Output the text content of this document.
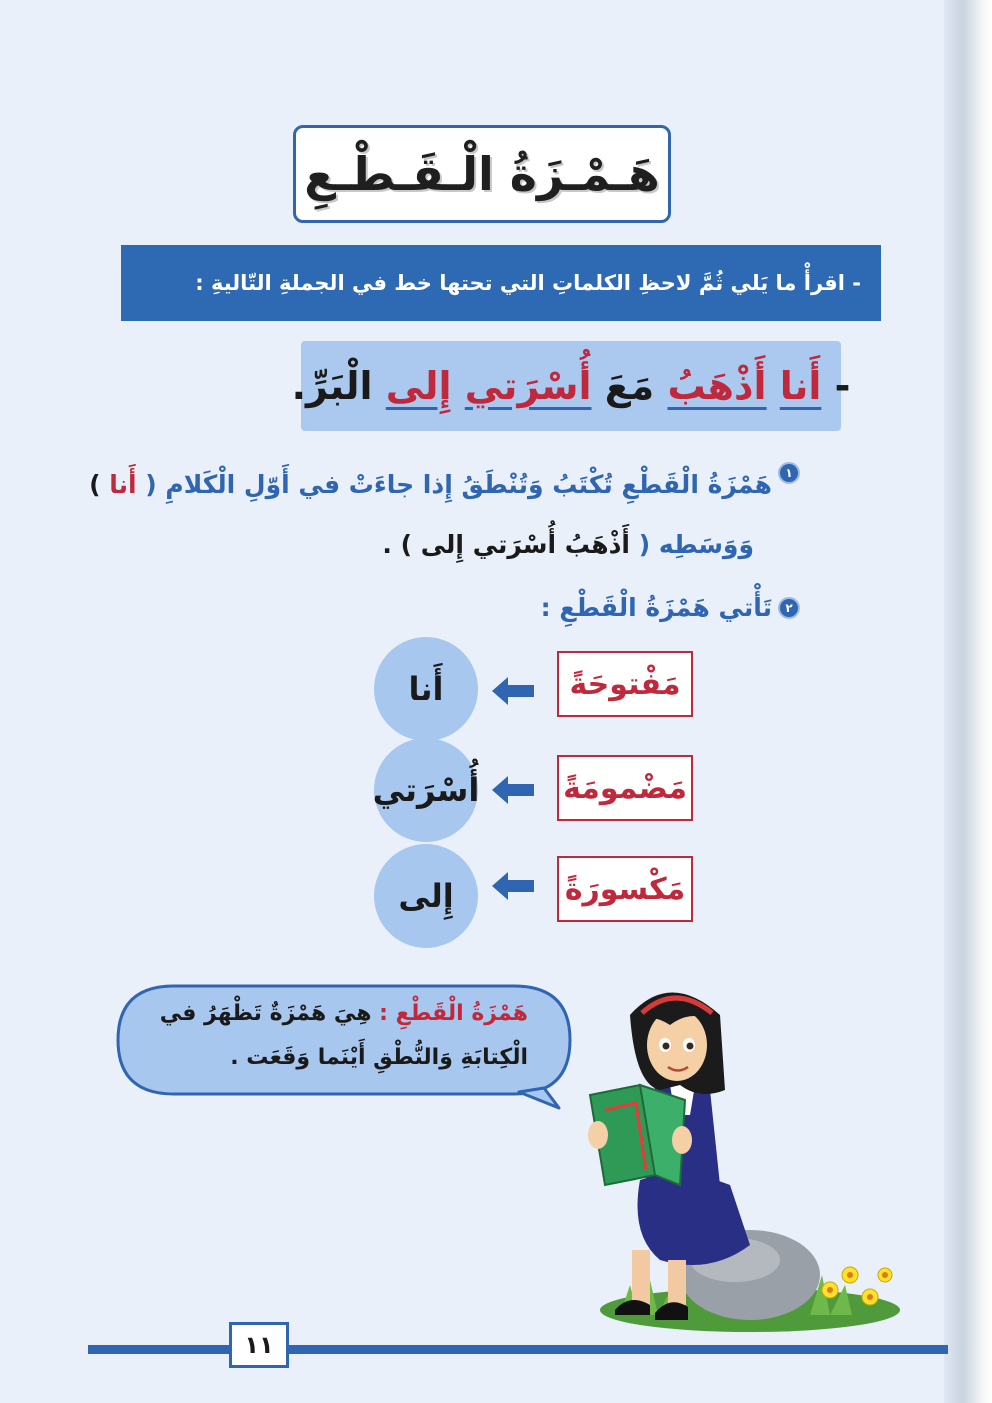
هَـمْـزَةُ الْـقَـطْـعِ
- اقرأْ ما يَلي ثُمَّ لاحظِ الكلماتِ التي تحتها خط في الجملةِ التّاليةِ :
- أَنا أَذْهَبُ مَعَ أُسْرَتي إِلى الْبَرِّ.
١
هَمْزَةُ الْقَطْعِ تُكْتَبُ وَتُنْطَقُ إِذا جاءَتْ في أَوّلِ الْكَلامِ ( أَنا )
وَوَسَطِه ( أَذْهَبُ أُسْرَتي إِلى ) .
٢
تَأْتي هَمْزَةُ الْقَطْعِ :
مَفْتوحَةً
أَنا
مَضْمومَةً
أُسْرَتي
مَكْسورَةً
إِلى
هَمْزَةُ الْقَطْعِ : هِيَ هَمْزَةٌ تَظْهَرُ في
الْكِتابَةِ وَالنُّطْقِ أَيْنَما وَقَعَت .
١١
